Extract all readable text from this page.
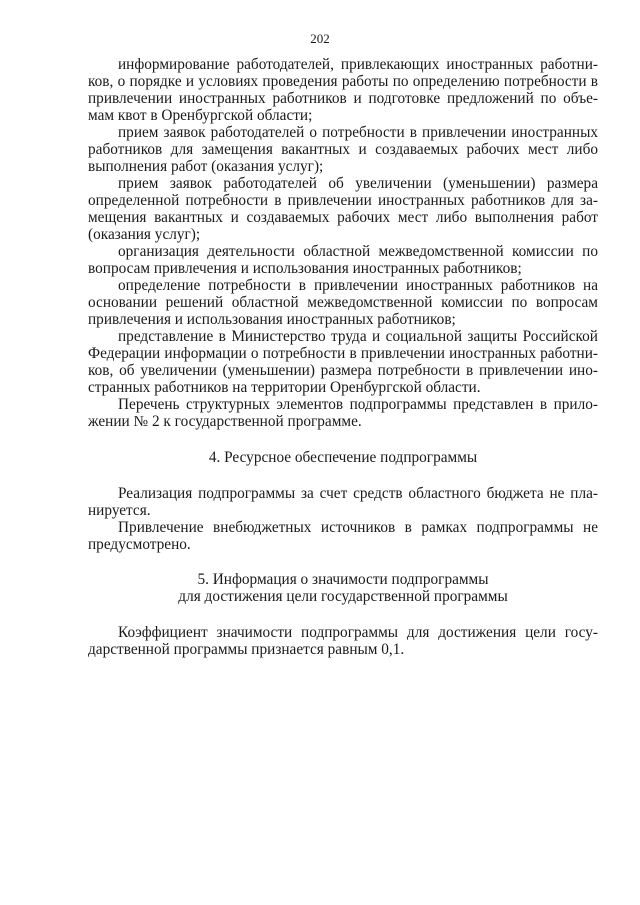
202

информирование работодателей, привлекающих иностранных работников, о порядке и условиях проведения работы по определению потребности в привлечении иностранных работников и подготовке предложений по объемам квот в Оренбургской области;

прием заявок работодателей о потребности в привлечении иностранных работников для замещения вакантных и создаваемых рабочих мест либо выполнения работ (оказания услуг);

прием заявок работодателей об увеличении (уменьшении) размера определенной потребности в привлечении иностранных работников для замещения вакантных и создаваемых рабочих мест либо выполнения работ (оказания услуг);

организация деятельности областной межведомственной комиссии по вопросам привлечения и использования иностранных работников;

определение потребности в привлечении иностранных работников на основании решений областной межведомственной комиссии по вопросам привлечения и использования иностранных работников;

представление в Министерство труда и социальной защиты Российской Федерации информации о потребности в привлечении иностранных работников, об увеличении (уменьшении) размера потребности в привлечении иностранных работников на территории Оренбургской области.

Перечень структурных элементов подпрограммы представлен в приложении № 2 к государственной программе.

4. Ресурсное обеспечение подпрограммы

Реализация подпрограммы за счет средств областного бюджета не планируется.

Привлечение внебюджетных источников в рамках подпрограммы не предусмотрено.

5. Информация о значимости подпрограммы

для достижения цели государственной программы

Коэффициент значимости подпрограммы для достижения цели государственной программы признается равным 0,1.
